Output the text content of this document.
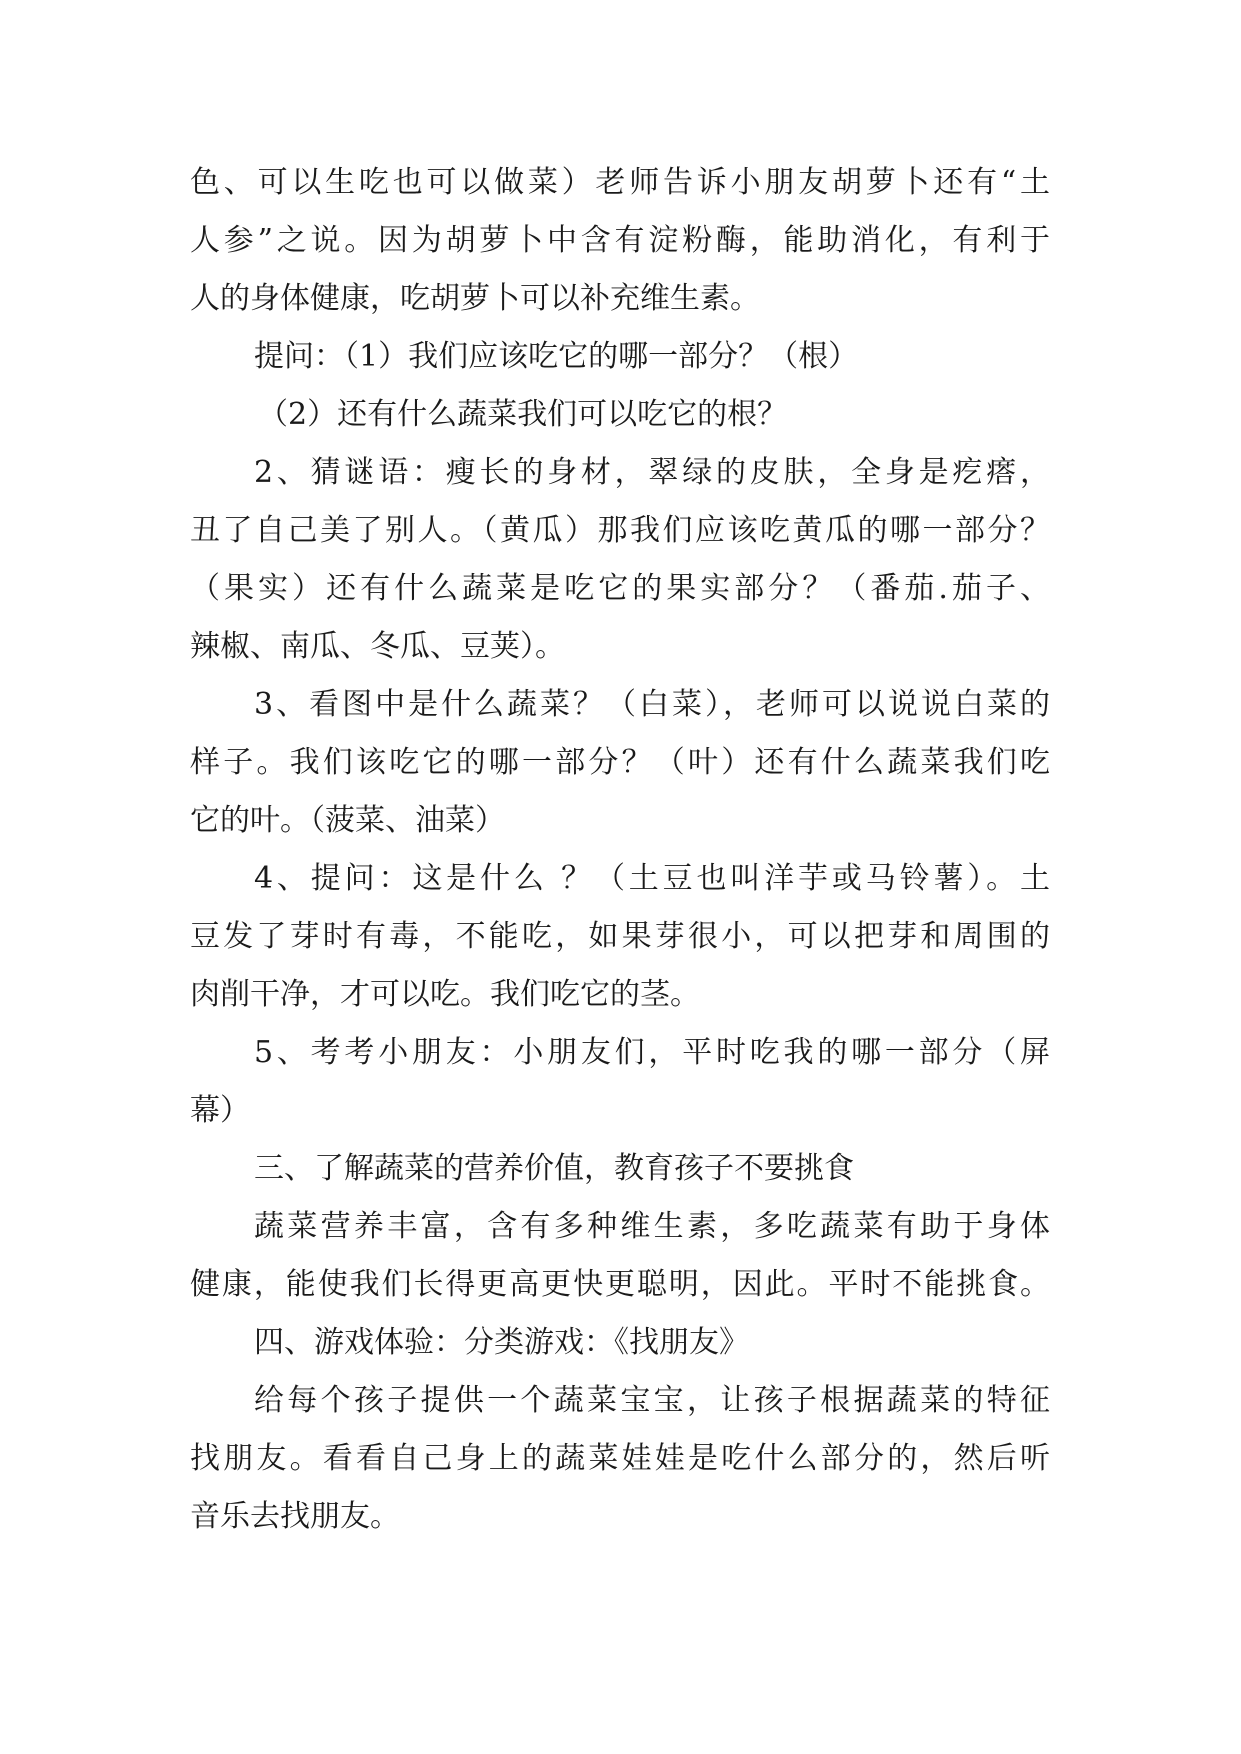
色、可以生吃也可以做菜）老师告诉小朋友胡萝卜还有“土
人参”之说。因为胡萝卜中含有淀粉酶，能助消化，有利于
人的身体健康，吃胡萝卜可以补充维生素。
提问：（1）我们应该吃它的哪一部分？（根）
（2）还有什么蔬菜我们可以吃它的根？
2、猜谜语：瘦长的身材，翠绿的皮肤，全身是疙瘩，
丑了自己美了别人。（黄瓜）那我们应该吃黄瓜的哪一部分？
（果实）还有什么蔬菜是吃它的果实部分？（番茄.茄子、
辣椒、南瓜、冬瓜、豆荚）。
3、看图中是什么蔬菜？（白菜），老师可以说说白菜的
样子。我们该吃它的哪一部分？（叶）还有什么蔬菜我们吃
它的叶。（菠菜、油菜）
4、提问：这是什么 ？（土豆也叫洋芋或马铃薯）。土
豆发了芽时有毒，不能吃，如果芽很小，可以把芽和周围的
肉削干净，才可以吃。我们吃它的茎。
5、考考小朋友：小朋友们，平时吃我的哪一部分（屏
幕）
三、了解蔬菜的营养价值，教育孩子不要挑食
蔬菜营养丰富，含有多种维生素，多吃蔬菜有助于身体
健康，能使我们长得更高更快更聪明，因此。平时不能挑食。
四、游戏体验：分类游戏：《找朋友》
给每个孩子提供一个蔬菜宝宝，让孩子根据蔬菜的特征
找朋友。看看自己身上的蔬菜娃娃是吃什么部分的，然后听
音乐去找朋友。
